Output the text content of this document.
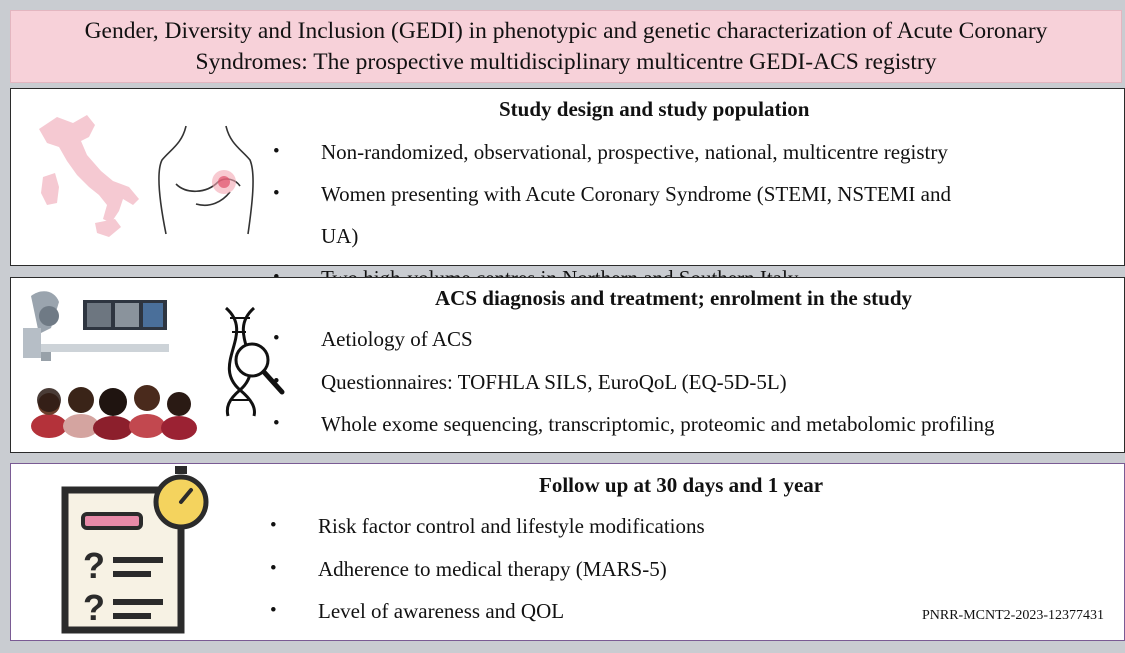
Gender, Diversity and Inclusion (GEDI) in phenotypic and genetic characterization of Acute Coronary
Syndromes: The prospective multidisciplinary multicentre GEDI-ACS registry
Study design and study population
• Non-randomized, observational, prospective, national, multicentre registry
• Women presenting with Acute Coronary Syndrome (STEMI, NSTEMI and
UA)
ACS diagnosis and treatment; enrolment in the study
• Aetiology of ACS
• Questionnaires: TOFHLA SILS, EuroQoL (EQ-5D-5L)
• Whole exome sequencing, transcriptomic, proteomic and metabolomic profiling
?
?
Follow up at 30 days and 1 year
• Risk factor control and lifestyle modifications
• Adherence to medical therapy (MARS-5)
• Level of awareness and QOL	PNRR-MCNT2-2023-12377431
